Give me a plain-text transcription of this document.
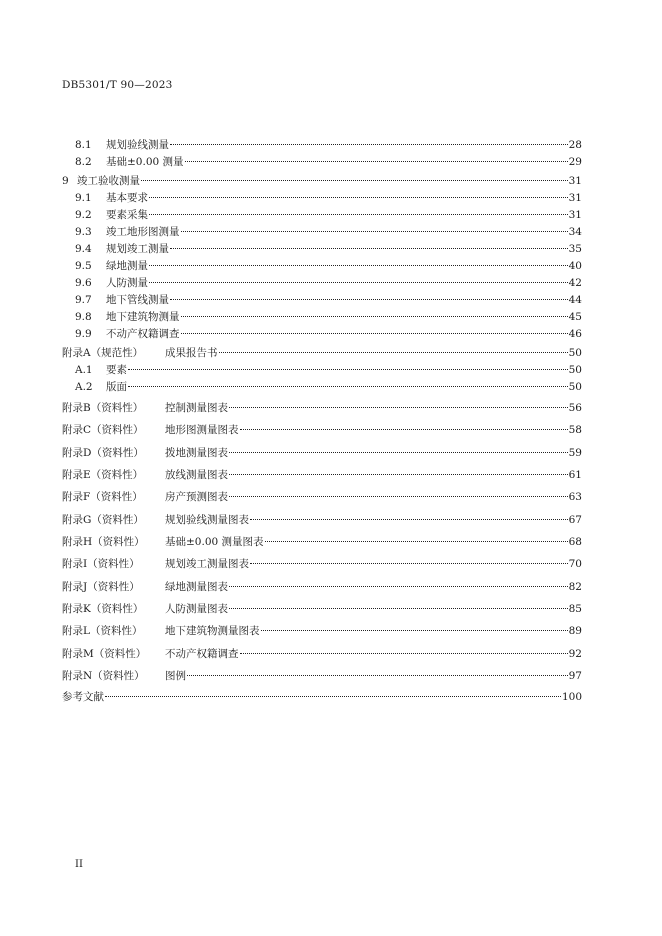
DB5301/T 90—2023
8.1	规划验线测量	28
8.2	基础±0.00 测量	29
9 竣工验收测量	31
9.1	基本要求	31
9.2	要素采集	31
9.3	竣工地形图测量	34
9.4	规划竣工测量	35
9.5	绿地测量	40
9.6	人防测量	42
9.7	地下管线测量	44
9.8	地下建筑物测量	45
9.9	不动产权籍调查	46
附录A（规范性）	成果报告书	50
A.1	要素	50
A.2	版面	50
附录B（资料性）	控制测量图表	56
附录C（资料性）	地形图测量图表	58
附录D（资料性）	拨地测量图表	59
附录E（资料性）	放线测量图表	61
附录F（资料性）	房产预测图表	63
附录G（资料性）	规划验线测量图表	67
附录H（资料性）	基础±0.00 测量图表	68
附录I（资料性）	规划竣工测量图表	70
附录J（资料性）	绿地测量图表	82
附录K（资料性）	人防测量图表	85
附录L（资料性）	地下建筑物测量图表	89
附录M（资料性）	不动产权籍调查	92
附录N（资料性）	图例	97
参考文献	100
II
